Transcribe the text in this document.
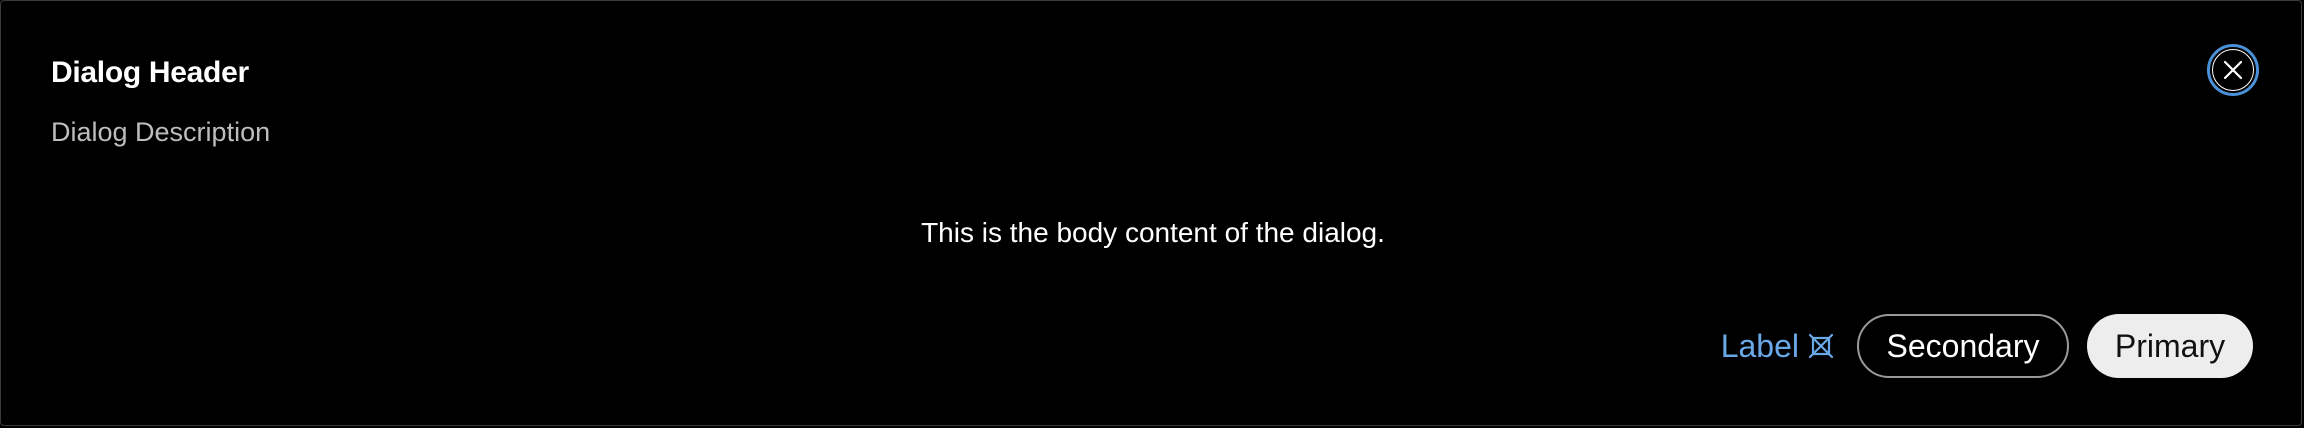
Dialog Header
Dialog Description
This is the body content of the dialog.
Label	Secondary	Primary
